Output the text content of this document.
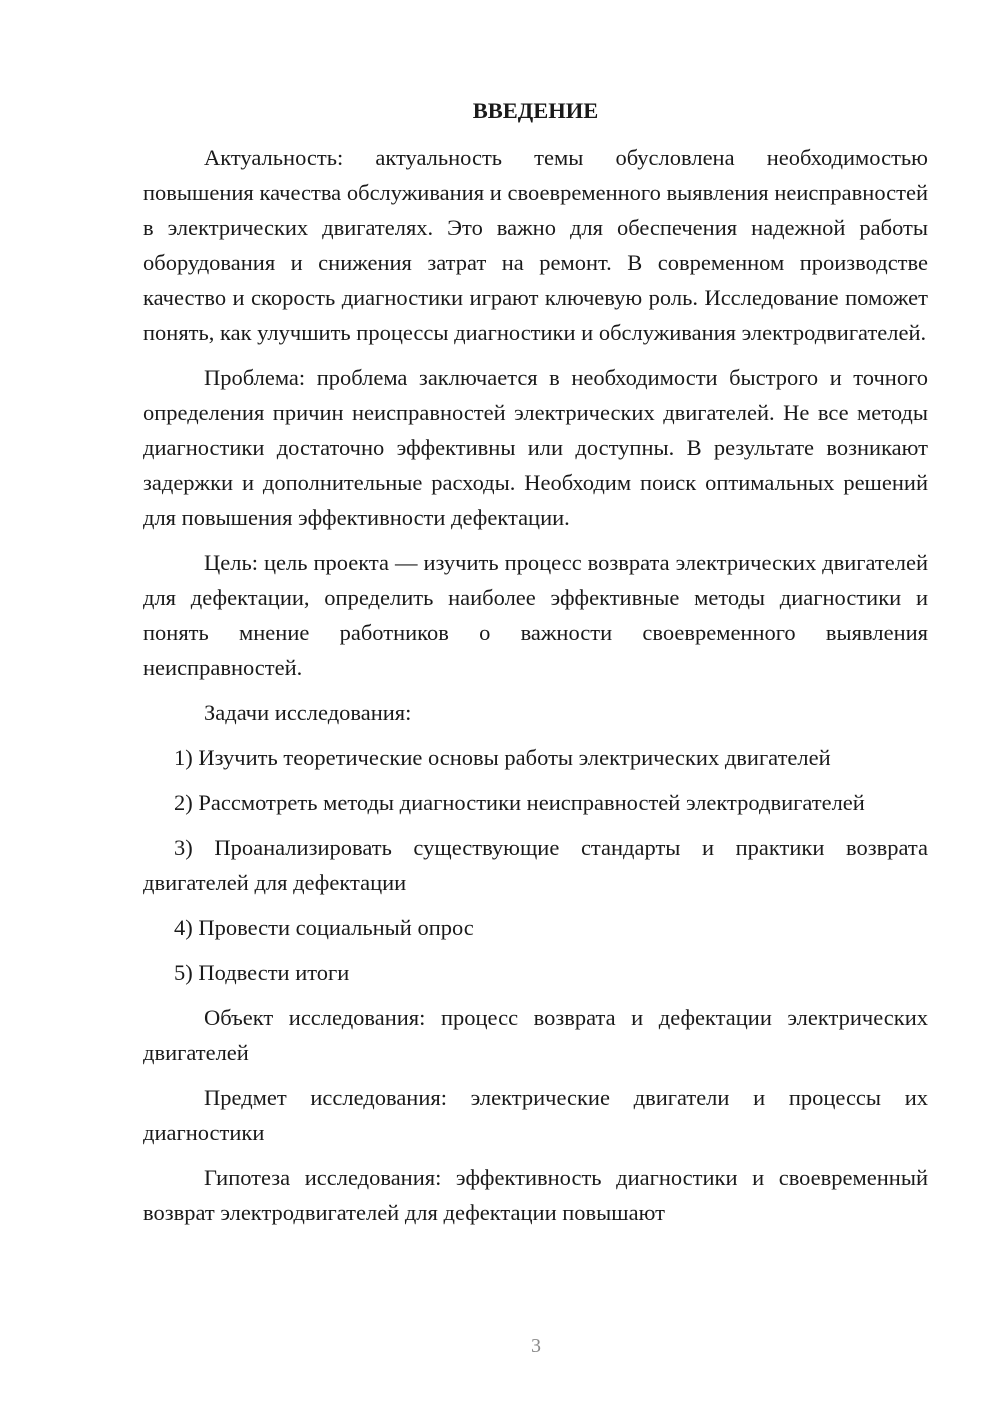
ВВЕДЕНИЕ

Актуальность: актуальность темы обусловлена необходимостью повышения качества обслуживания и своевременного выявления неисправностей в электрических двигателях. Это важно для обеспечения надежной работы оборудования и снижения затрат на ремонт. В современном производстве качество и скорость диагностики играют ключевую роль. Исследование поможет понять, как улучшить процессы диагностики и обслуживания электродвигателей.

Проблема: проблема заключается в необходимости быстрого и точного определения причин неисправностей электрических двигателей. Не все методы диагностики достаточно эффективны или доступны. В результате возникают задержки и дополнительные расходы. Необходим поиск оптимальных решений для повышения эффективности дефектации.

Цель: цель проекта — изучить процесс возврата электрических двигателей для дефектации, определить наиболее эффективные методы диагностики и понять мнение работников о важности своевременного выявления неисправностей.

Задачи исследования:

1) Изучить теоретические основы работы электрических двигателей

2) Рассмотреть методы диагностики неисправностей электродвигателей

3) Проанализировать существующие стандарты и практики возврата двигателей для дефектации

4) Провести социальный опрос

5) Подвести итоги

Объект исследования: процесс возврата и дефектации электрических двигателей

Предмет исследования: электрические двигатели и процессы их диагностики

Гипотеза исследования: эффективность диагностики и своевременный возврат электродвигателей для дефектации повышают

3
